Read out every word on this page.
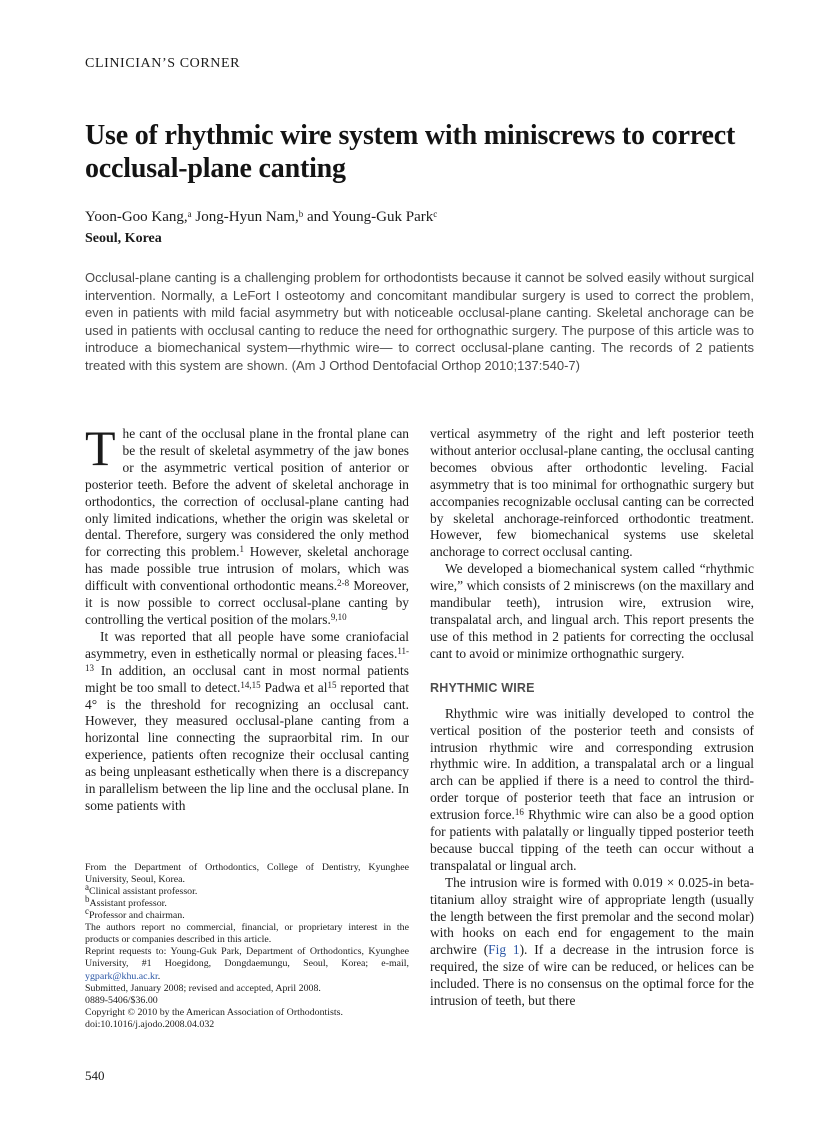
CLINICIAN’S CORNER
Use of rhythmic wire system with miniscrews to correct occlusal-plane canting
Yoon-Goo Kang,$^a$ Jong-Hyun Nam,$^b$ and Young-Guk Park$^c$
Seoul, Korea

Occlusal-plane canting is a challenging problem for orthodontists because it cannot be solved easily without surgical intervention. Normally, a LeFort I osteotomy and concomitant mandibular surgery is used to correct the problem, even in patients with mild facial asymmetry but with noticeable occlusal-plane canting. Skeletal anchorage can be used in patients with occlusal canting to reduce the need for orthognathic surgery. The purpose of this article was to introduce a biomechanical system—rhythmic wire— to correct occlusal-plane canting. The records of 2 patients treated with this system are shown. (Am J Orthod Dentofacial Orthop 2010;137:540-7)

The cant of the occlusal plane in the frontal plane can be the result of skeletal asymmetry of the jaw bones or the asymmetric vertical position of anterior or posterior teeth. Before the advent of skeletal anchorage in orthodontics, the correction of occlusal-plane canting had only limited indications, whether the origin was skeletal or dental. Therefore, surgery was considered the only method for correcting this problem.$^1$ However, skeletal anchorage has made possible true intrusion of molars, which was difficult with conventional orthodontic means.$^{2-8}$ Moreover, it is now possible to correct occlusal-plane canting by controlling the vertical position of the molars.$^{9,10}$

It was reported that all people have some craniofacial asymmetry, even in esthetically normal or pleasing faces.$^{11-13}$ In addition, an occlusal cant in most normal patients might be too small to detect.$^{14,15}$ Padwa et $al^{15}$ reported that 4° is the threshold for recognizing an occlusal cant. However, they measured occlusal-plane canting from a horizontal line connecting the supraorbital rim. In our experience, patients often recognize their occlusal canting as being unpleasant esthetically when there is a discrepancy in parallelism between the lip line and the occlusal plane. In some patients with

From the Department of Orthodontics, College of Dentistry, Kyunghee University, Seoul, Korea.
$^a$Clinical assistant professor.
$^b$Assistant professor.
$^c$Professor and chairman.
The authors report no commercial, financial, or proprietary interest in the products or companies described in this article.
Reprint requests to: Young-Guk Park, Department of Orthodontics, Kyunghee University, #1 Hoegidong, Dongdaemungu, Seoul, Korea; e-mail, ygpark@khu.ac.kr.
Submitted, January 2008; revised and accepted, April 2008.
0889-5406/$36.00
Copyright © 2010 by the American Association of Orthodontists.
doi:10.1016/j.ajodo.2008.04.032

vertical asymmetry of the right and left posterior teeth without anterior occlusal-plane canting, the occlusal canting becomes obvious after orthodontic leveling. Facial asymmetry that is too minimal for orthognathic surgery but accompanies recognizable occlusal canting can be corrected by skeletal anchorage-reinforced orthodontic treatment. However, few biomechanical systems use skeletal anchorage to correct occlusal canting.

We developed a biomechanical system called “rhythmic wire,” which consists of 2 miniscrews (on the maxillary and mandibular teeth), intrusion wire, extrusion wire, transpalatal arch, and lingual arch. This report presents the use of this method in 2 patients for correcting the occlusal cant to avoid or minimize orthognathic surgery.

RHYTHMIC WIRE

Rhythmic wire was initially developed to control the vertical position of the posterior teeth and consists of intrusion rhythmic wire and corresponding extrusion rhythmic wire. In addition, a transpalatal arch or a lingual arch can be applied if there is a need to control the third-order torque of posterior teeth that face an intrusion or extrusion force.$^{16}$ Rhythmic wire can also be a good option for patients with palatally or lingually tipped posterior teeth because buccal tipping of the teeth can occur without a transpalatal or lingual arch.

The intrusion wire is formed with 0.019 × 0.025-in beta-titanium alloy straight wire of appropriate length (usually the length between the first premolar and the second molar) with hooks on each end for engagement to the main archwire (Fig 1). If a decrease in the intrusion force is required, the size of wire can be reduced, or helices can be included. There is no consensus on the optimal force for the intrusion of teeth, but there

540
